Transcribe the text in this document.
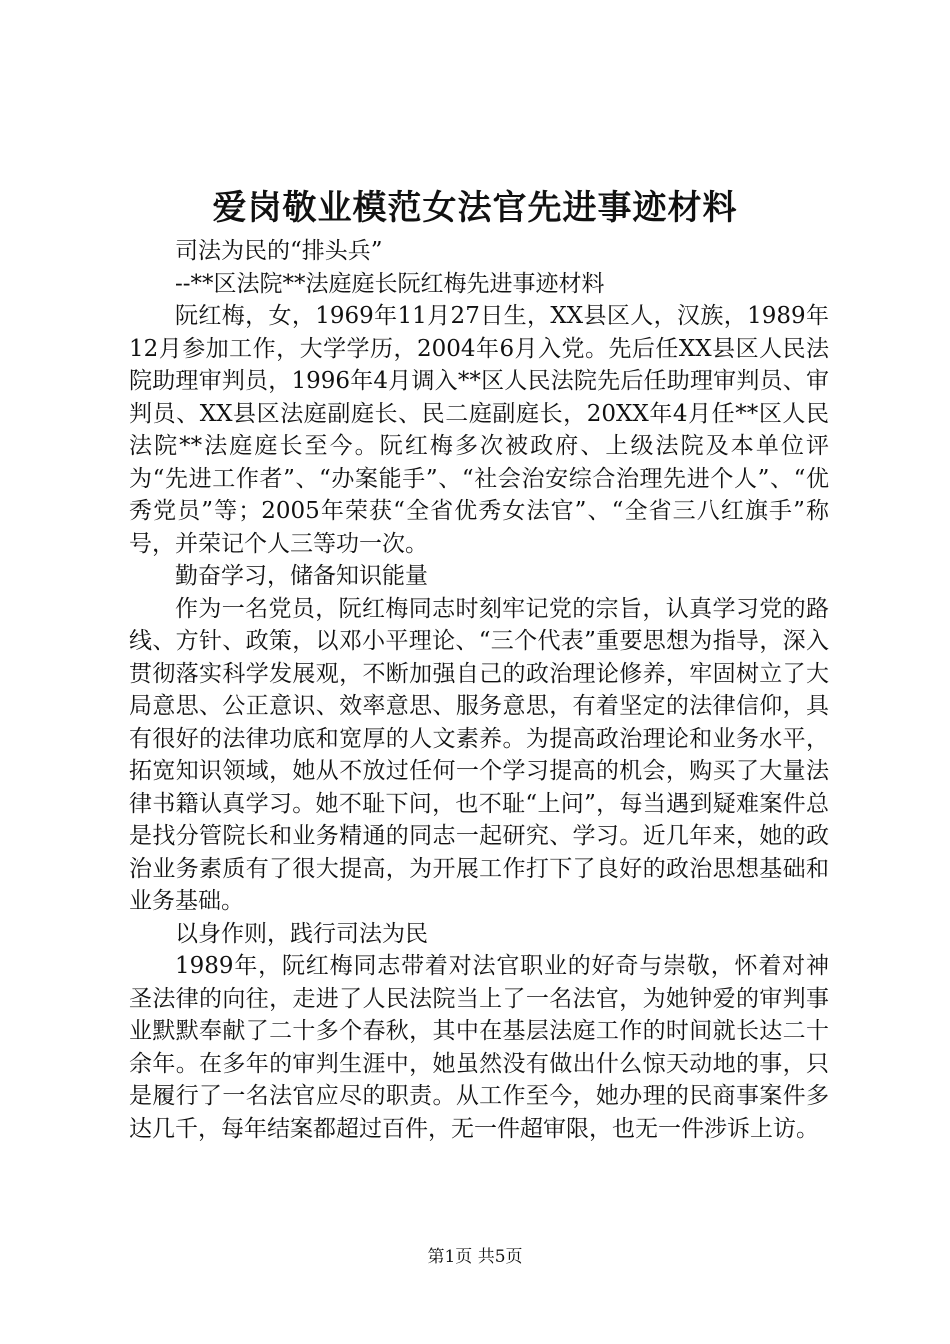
爱岗敬业模范女法官先进事迹材料

司法为民的“排头兵”

--**区法院**法庭庭长阮红梅先进事迹材料

阮红梅，女，1969年11月27日生，XX县区人，汉族，1989年12月参加工作，大学学历，2004年6月入党。先后任XX县区人民法院助理审判员，1996年4月调入**区人民法院先后任助理审判员、审判员、XX县区法庭副庭长、民二庭副庭长，20XX年4月任**区人民法院**法庭庭长至今。阮红梅多次被政府、上级法院及本单位评为“先进工作者”、“办案能手”、“社会治安综合治理先进个人”、“优秀党员”等；2005年荣获“全省优秀女法官”、“全省三八红旗手”称号，并荣记个人三等功一次。

勤奋学习，储备知识能量

作为一名党员，阮红梅同志时刻牢记党的宗旨，认真学习党的路线、方针、政策，以邓小平理论、“三个代表”重要思想为指导，深入贯彻落实科学发展观，不断加强自己的政治理论修养，牢固树立了大局意思、公正意识、效率意思、服务意思，有着坚定的法律信仰，具有很好的法律功底和宽厚的人文素养。为提高政治理论和业务水平，拓宽知识领域，她从不放过任何一个学习提高的机会，购买了大量法律书籍认真学习。她不耻下问，也不耻“上问”，每当遇到疑难案件总是找分管院长和业务精通的同志一起研究、学习。近几年来，她的政治业务素质有了很大提高，为开展工作打下了良好的政治思想基础和业务基础。

以身作则，践行司法为民

1989年，阮红梅同志带着对法官职业的好奇与崇敬，怀着对神圣法律的向往，走进了人民法院当上了一名法官，为她钟爱的审判事业默默奉献了二十多个春秋，其中在基层法庭工作的时间就长达二十余年。在多年的审判生涯中，她虽然没有做出什么惊天动地的事，只是履行了一名法官应尽的职责。从工作至今，她办理的民商事案件多达几千，每年结案都超过百件，无一件超审限，也无一件涉诉上访。

第1页 共5页
